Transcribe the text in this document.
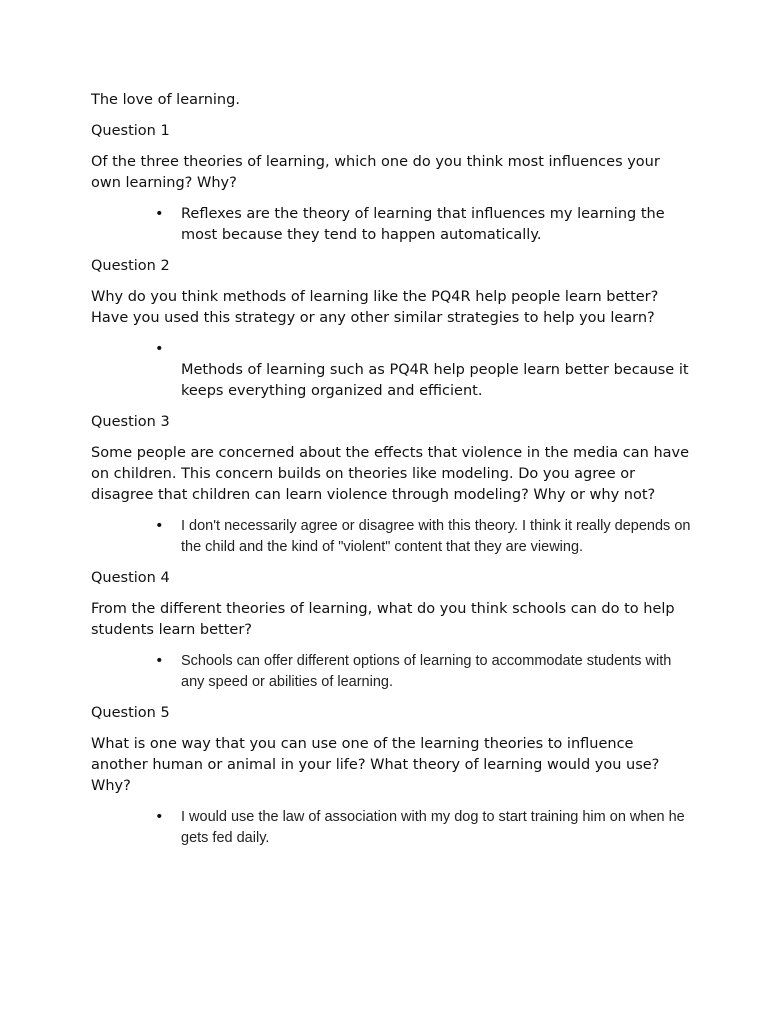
The love of learning.

Question 1

Of the three theories of learning, which one do you think most influences your own learning? Why?

• Reflexes are the theory of learning that influences my learning the most because they tend to happen automatically.

Question 2

Why do you think methods of learning like the PQ4R help people learn better? Have you used this strategy or any other similar strategies to help you learn?

•
Methods of learning such as PQ4R help people learn better because it keeps everything organized and efficient.

Question 3

Some people are concerned about the effects that violence in the media can have on children. This concern builds on theories like modeling. Do you agree or disagree that children can learn violence through modeling? Why or why not?

• I don't necessarily agree or disagree with this theory. I think it really depends on the child and the kind of "violent" content that they are viewing.

Question 4

From the different theories of learning, what do you think schools can do to help students learn better?

• Schools can offer different options of learning to accommodate students with any speed or abilities of learning.

Question 5

What is one way that you can use one of the learning theories to influence another human or animal in your life? What theory of learning would you use? Why?

• I would use the law of association with my dog to start training him on when he gets fed daily.
